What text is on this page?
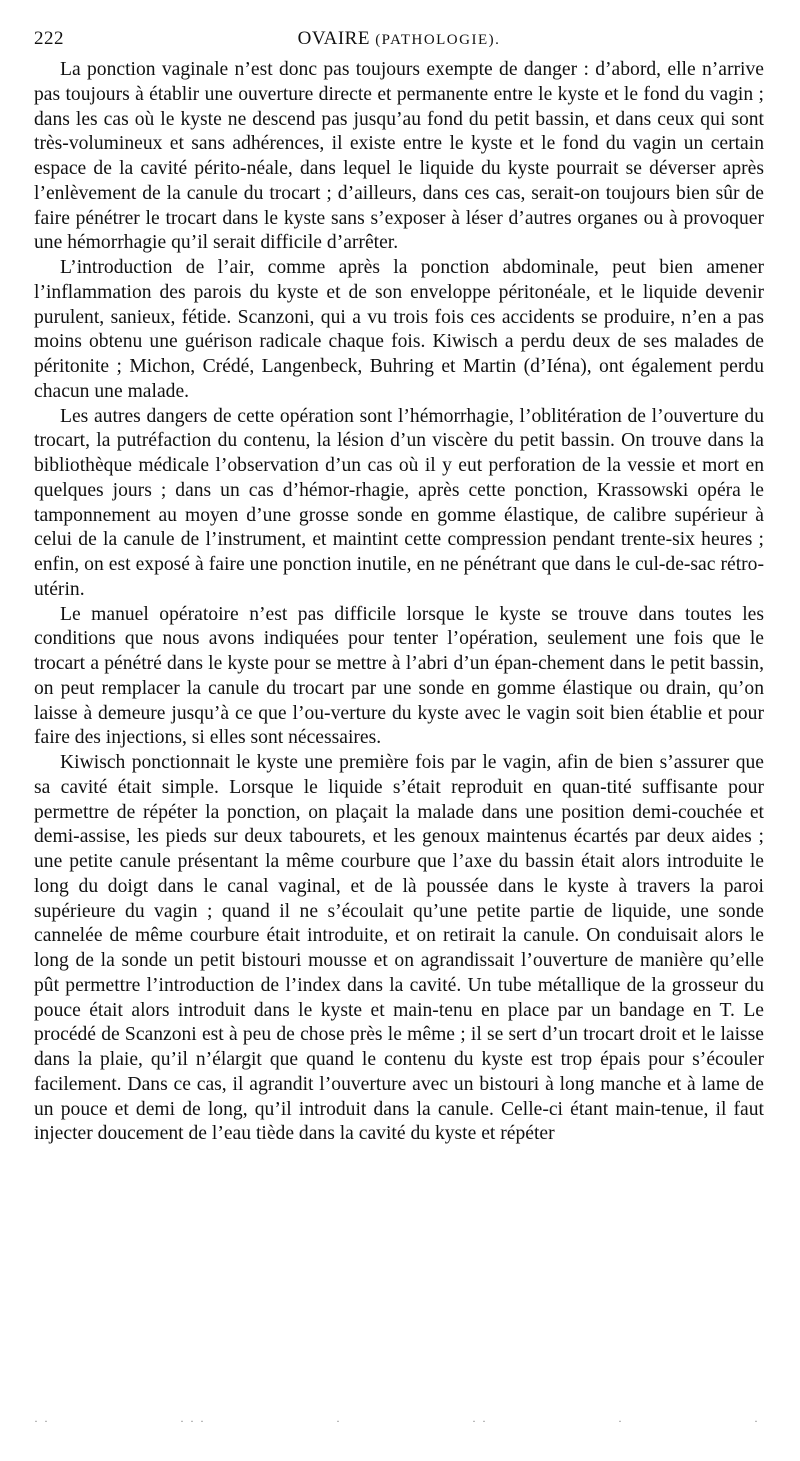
222	OVAIRE (PATHOLOGIE).

La ponction vaginale n’est donc pas toujours exempte de danger : d’abord, elle n’arrive pas toujours à établir une ouverture directe et permanente entre le kyste et le fond du vagin ; dans les cas où le kyste ne descend pas jusqu’au fond du petit bassin, et dans ceux qui sont très-volumineux et sans adhérences, il existe entre le kyste et le fond du vagin un certain espace de la cavité périto-néale, dans lequel le liquide du kyste pourrait se déverser après l’enlèvement de la canule du trocart ; d’ailleurs, dans ces cas, serait-on toujours bien sûr de faire pénétrer le trocart dans le kyste sans s’exposer à léser d’autres organes ou à provoquer une hémorrhagie qu’il serait difficile d’arrêter.

L’introduction de l’air, comme après la ponction abdominale, peut bien amener l’inflammation des parois du kyste et de son enveloppe péritonéale, et le liquide devenir purulent, sanieux, fétide. Scanzoni, qui a vu trois fois ces accidents se produire, n’en a pas moins obtenu une guérison radicale chaque fois. Kiwisch a perdu deux de ses malades de péritonite ; Michon, Crédé, Langenbeck, Buhring et Martin (d’Iéna), ont également perdu chacun une malade.

Les autres dangers de cette opération sont l’hémorrhagie, l’oblitération de l’ouverture du trocart, la putréfaction du contenu, la lésion d’un viscère du petit bassin. On trouve dans la bibliothèque médicale l’observation d’un cas où il y eut perforation de la vessie et mort en quelques jours ; dans un cas d’hémor-rhagie, après cette ponction, Krassowski opéra le tamponnement au moyen d’une grosse sonde en gomme élastique, de calibre supérieur à celui de la canule de l’instrument, et maintint cette compression pendant trente-six heures ; enfin, on est exposé à faire une ponction inutile, en ne pénétrant que dans le cul-de-sac rétro-utérin.

Le manuel opératoire n’est pas difficile lorsque le kyste se trouve dans toutes les conditions que nous avons indiquées pour tenter l’opération, seulement une fois que le trocart a pénétré dans le kyste pour se mettre à l’abri d’un épan-chement dans le petit bassin, on peut remplacer la canule du trocart par une sonde en gomme élastique ou drain, qu’on laisse à demeure jusqu’à ce que l’ou-verture du kyste avec le vagin soit bien établie et pour faire des injections, si elles sont nécessaires.

Kiwisch ponctionnait le kyste une première fois par le vagin, afin de bien s’assurer que sa cavité était simple. Lorsque le liquide s’était reproduit en quan-tité suffisante pour permettre de répéter la ponction, on plaçait la malade dans une position demi-couchée et demi-assise, les pieds sur deux tabourets, et les genoux maintenus écartés par deux aides ; une petite canule présentant la même courbure que l’axe du bassin était alors introduite le long du doigt dans le canal vaginal, et de là poussée dans le kyste à travers la paroi supérieure du vagin ; quand il ne s’écoulait qu’une petite partie de liquide, une sonde cannelée de même courbure était introduite, et on retirait la canule. On conduisait alors le long de la sonde un petit bistouri mousse et on agrandissait l’ouverture de manière qu’elle pût permettre l’introduction de l’index dans la cavité. Un tube métallique de la grosseur du pouce était alors introduit dans le kyste et main-tenu en place par un bandage en T. Le procédé de Scanzoni est à peu de chose près le même ; il se sert d’un trocart droit et le laisse dans la plaie, qu’il n’élargit que quand le contenu du kyste est trop épais pour s’écouler facilement. Dans ce cas, il agrandit l’ouverture avec un bistouri à long manche et à lame de un pouce et demi de long, qu’il introduit dans la canule. Celle-ci étant main-tenue, il faut injecter doucement de l’eau tiède dans la cavité du kyste et répéter

··	···	·	··	·	·
